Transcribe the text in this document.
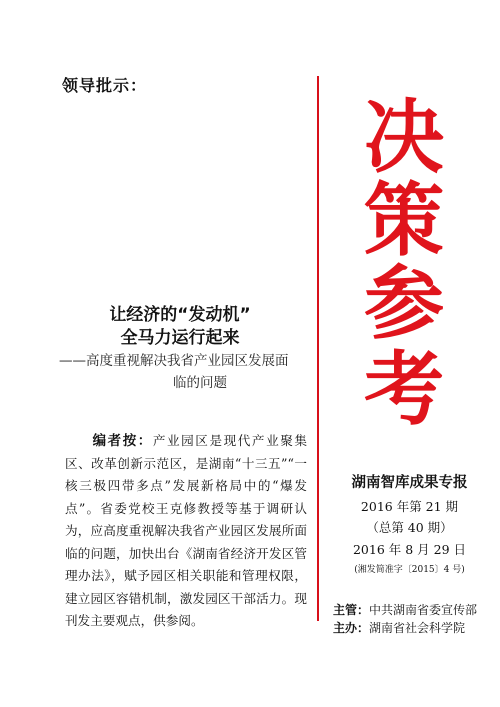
领导批示：
让经济的“发动机”
全马力运行起来
——高度重视解决我省产业园区发展面
临的问题
编者按：产业园区是现代产业聚集区、改革创新示范区，是湖南“十三五”“一核三极四带多点”发展新格局中的“爆发点”。省委党校王克修教授等基于调研认为，应高度重视解决我省产业园区发展所面临的问题，加快出台《湖南省经济开发区管理办法》，赋予园区相关职能和管理权限，建立园区容错机制，激发园区干部活力。现刊发主要观点，供参阅。
决
策
参
考
湖南智库成果专报
2016 年第 21 期
（总第 40 期）
2016 年 8 月 29 日
(湘发简准字〔2015〕4 号)
主管：中共湖南省委宣传部
主办：湖南省社会科学院
